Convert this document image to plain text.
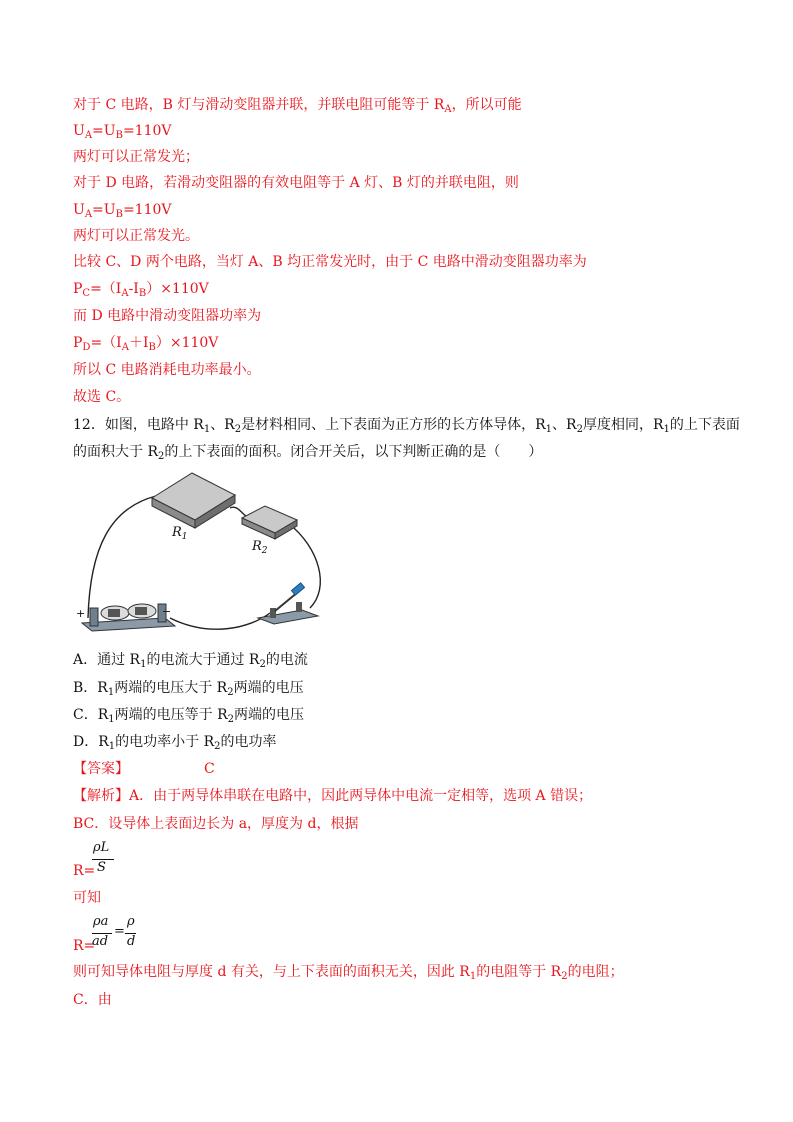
对于 C 电路，B 灯与滑动变阻器并联，并联电阻可能等于 $R_A$，所以可能
$U_A=U_B=110V$
两灯可以正常发光；
对于 D 电路，若滑动变阻器的有效电阻等于 A 灯、B 灯的并联电阻，则
$U_A=U_B=110V$
两灯可以正常发光。
比较 C、D 两个电路，当灯 A、B 均正常发光时，由于 C 电路中滑动变阻器功率为
$P_C=(I_A-I_B)\times 110V$
而 D 电路中滑动变阻器功率为
$P_D=(I_A+I_B)\times 110V$
所以 C 电路消耗电功率最小。
故选 C。
12．如图，电路中 $R_1$、$R_2$是材料相同、上下表面为正方形的长方体导体，$R_1$、$R_2$厚度相同，$R_1$的上下表面
的面积大于 $R_2$的上下表面的面积。闭合开关后，以下判断正确的是（　　）
$R_1$
$R_2$
+	−
A．通过 $R_1$的电流大于通过 $R_2$的电流
B．$R_1$两端的电压大于 $R_2$两端的电压
C．$R_1$两端的电压等于 $R_2$两端的电压
D．$R_1$的电功率小于 $R_2$的电功率
【答案】	C
【解析】A．由于两导体串联在电路中，因此两导体中电流一定相等，选项 A 错误；
BC．设导体上表面边长为 a，厚度为 d，根据
R=
ρL
S
可知
R=
ρa
ad
=
ρ
d
则可知导体电阻与厚度 d 有关，与上下表面的面积无关，因此 $R_1$的电阻等于 $R_2$的电阻；
C．由
